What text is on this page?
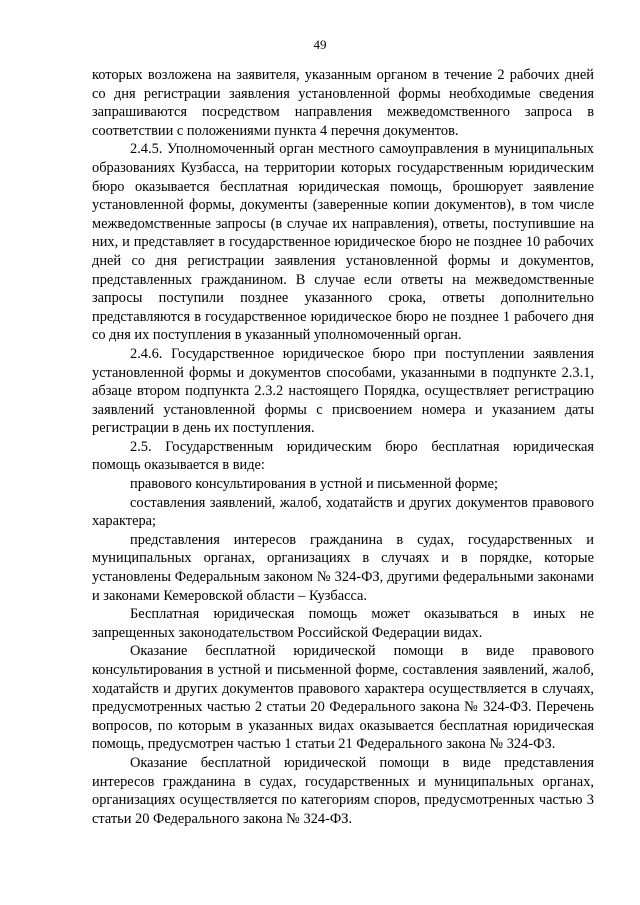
49

которых возложена на заявителя, указанным органом в течение 2 рабочих дней со дня регистрации заявления установленной формы необходимые сведения запрашиваются посредством направления межведомственного запроса в соответствии с положениями пункта 4 перечня документов.

2.4.5. Уполномоченный орган местного самоуправления в муниципальных образованиях Кузбасса, на территории которых государственным юридическим бюро оказывается бесплатная юридическая помощь, брошюрует заявление установленной формы, документы (заверенные копии документов), в том числе межведомственные запросы (в случае их направления), ответы, поступившие на них, и представляет в государственное юридическое бюро не позднее 10 рабочих дней со дня регистрации заявления установленной формы и документов, представленных гражданином. В случае если ответы на межведомственные запросы поступили позднее указанного срока, ответы дополнительно представляются в государственное юридическое бюро не позднее 1 рабочего дня со дня их поступления в указанный уполномоченный орган.

2.4.6. Государственное юридическое бюро при поступлении заявления установленной формы и документов способами, указанными в подпункте 2.3.1, абзаце втором подпункта 2.3.2 настоящего Порядка, осуществляет регистрацию заявлений установленной формы с присвоением номера и указанием даты регистрации в день их поступления.

2.5. Государственным юридическим бюро бесплатная юридическая помощь оказывается в виде:

правового консультирования в устной и письменной форме;

составления заявлений, жалоб, ходатайств и других документов правового характера;

представления интересов гражданина в судах, государственных и муниципальных органах, организациях в случаях и в порядке, которые установлены Федеральным законом № 324-ФЗ, другими федеральными законами и законами Кемеровской области – Кузбасса.

Бесплатная юридическая помощь может оказываться в иных не запрещенных законодательством Российской Федерации видах.

Оказание бесплатной юридической помощи в виде правового консультирования в устной и письменной форме, составления заявлений, жалоб, ходатайств и других документов правового характера осуществляется в случаях, предусмотренных частью 2 статьи 20 Федерального закона № 324-ФЗ. Перечень вопросов, по которым в указанных видах оказывается бесплатная юридическая помощь, предусмотрен частью 1 статьи 21 Федерального закона № 324-ФЗ.

Оказание бесплатной юридической помощи в виде представления интересов гражданина в судах, государственных и муниципальных органах, организациях осуществляется по категориям споров, предусмотренных частью 3 статьи 20 Федерального закона № 324-ФЗ.
